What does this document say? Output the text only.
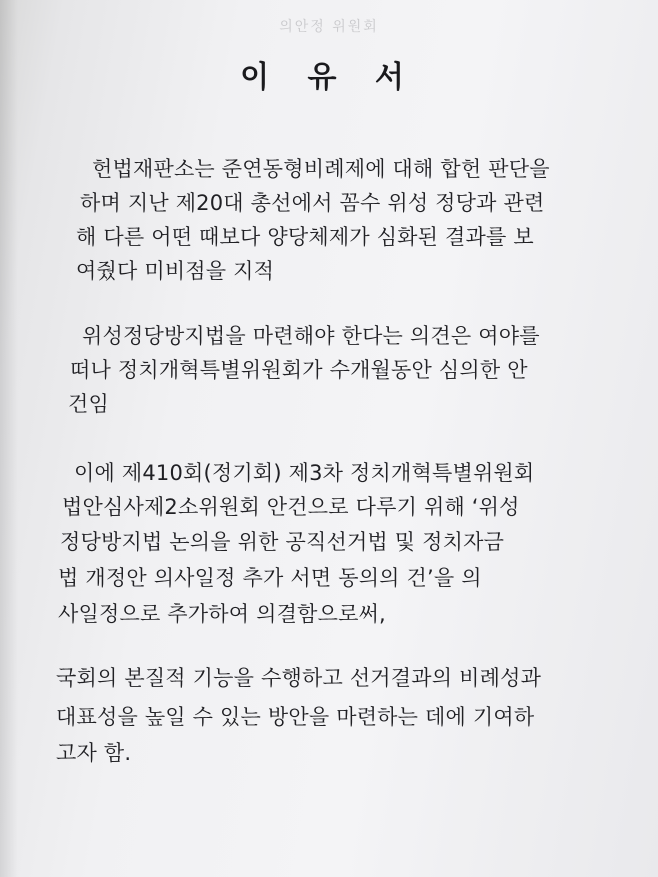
의안정 위원회
이 유 서
헌법재판소는 준연동형비례제에 대해 합헌 판단을
하며 지난 제20대 총선에서 꼼수 위성 정당과 관련
해 다른 어떤 때보다 양당체제가 심화된 결과를 보
여줬다 미비점을 지적
위성정당방지법을 마련해야 한다는 의견은 여야를
떠나 정치개혁특별위원회가 수개월동안 심의한 안
건임
이에 제410회(정기회) 제3차 정치개혁특별위원회
법안심사제2소위원회 안건으로 다루기 위해 ‘위성
정당방지법 논의을 위한 공직선거법 및 정치자금
법 개정안 의사일정 추가 서면 동의의 건’을 의
사일정으로 추가하여 의결함으로써,
국회의 본질적 기능을 수행하고 선거결과의 비례성과
대표성을 높일 수 있는 방안을 마련하는 데에 기여하
고자 함.
